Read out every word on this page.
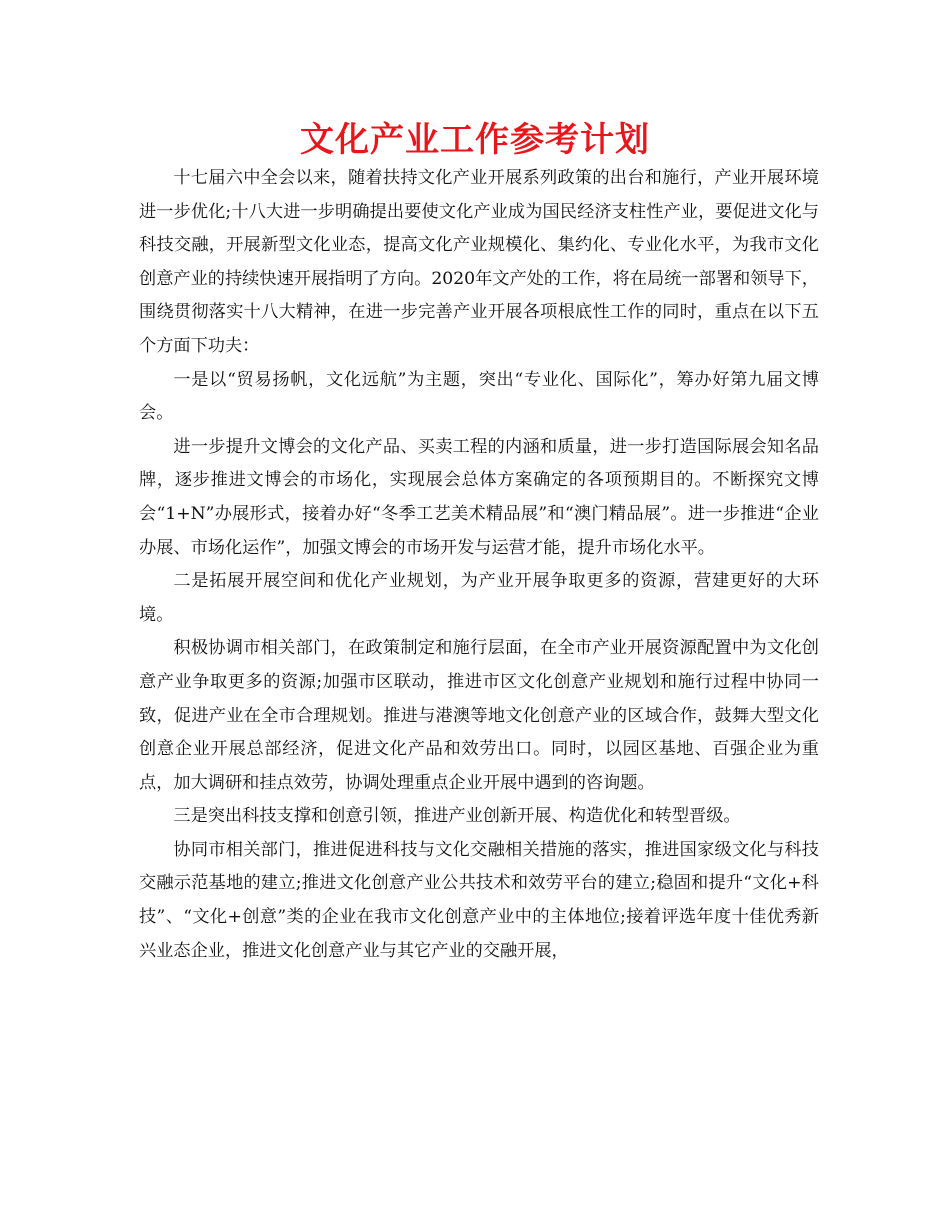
文化产业工作参考计划

十七届六中全会以来，随着扶持文化产业开展系列政策的出台和施行，产业开展环境进一步优化;十八大进一步明确提出要使文化产业成为国民经济支柱性产业，要促进文化与科技交融，开展新型文化业态，提高文化产业规模化、集约化、专业化水平，为我市文化创意产业的持续快速开展指明了方向。2020年文产处的工作，将在局统一部署和领导下，围绕贯彻落实十八大精神，在进一步完善产业开展各项根底性工作的同时，重点在以下五个方面下功夫：

一是以“贸易扬帆，文化远航”为主题，突出“专业化、国际化”，筹办好第九届文博会。

进一步提升文博会的文化产品、买卖工程的内涵和质量，进一步打造国际展会知名品牌，逐步推进文博会的市场化，实现展会总体方案确定的各项预期目的。不断探究文博会“1+N”办展形式，接着办好“冬季工艺美术精品展”和“澳门精品展”。进一步推进“企业办展、市场化运作”，加强文博会的市场开发与运营才能，提升市场化水平。

二是拓展开展空间和优化产业规划，为产业开展争取更多的资源，营建更好的大环境。

积极协调市相关部门，在政策制定和施行层面，在全市产业开展资源配置中为文化创意产业争取更多的资源;加强市区联动，推进市区文化创意产业规划和施行过程中协同一致，促进产业在全市合理规划。推进与港澳等地文化创意产业的区域合作，鼓舞大型文化创意企业开展总部经济，促进文化产品和效劳出口。同时，以园区基地、百强企业为重点，加大调研和挂点效劳，协调处理重点企业开展中遇到的咨询题。

三是突出科技支撑和创意引领，推进产业创新开展、构造优化和转型晋级。

协同市相关部门，推进促进科技与文化交融相关措施的落实，推进国家级文化与科技交融示范基地的建立;推进文化创意产业公共技术和效劳平台的建立;稳固和提升“文化+科技”、“文化+创意”类的企业在我市文化创意产业中的主体地位;接着评选年度十佳优秀新兴业态企业，推进文化创意产业与其它产业的交融开展，
